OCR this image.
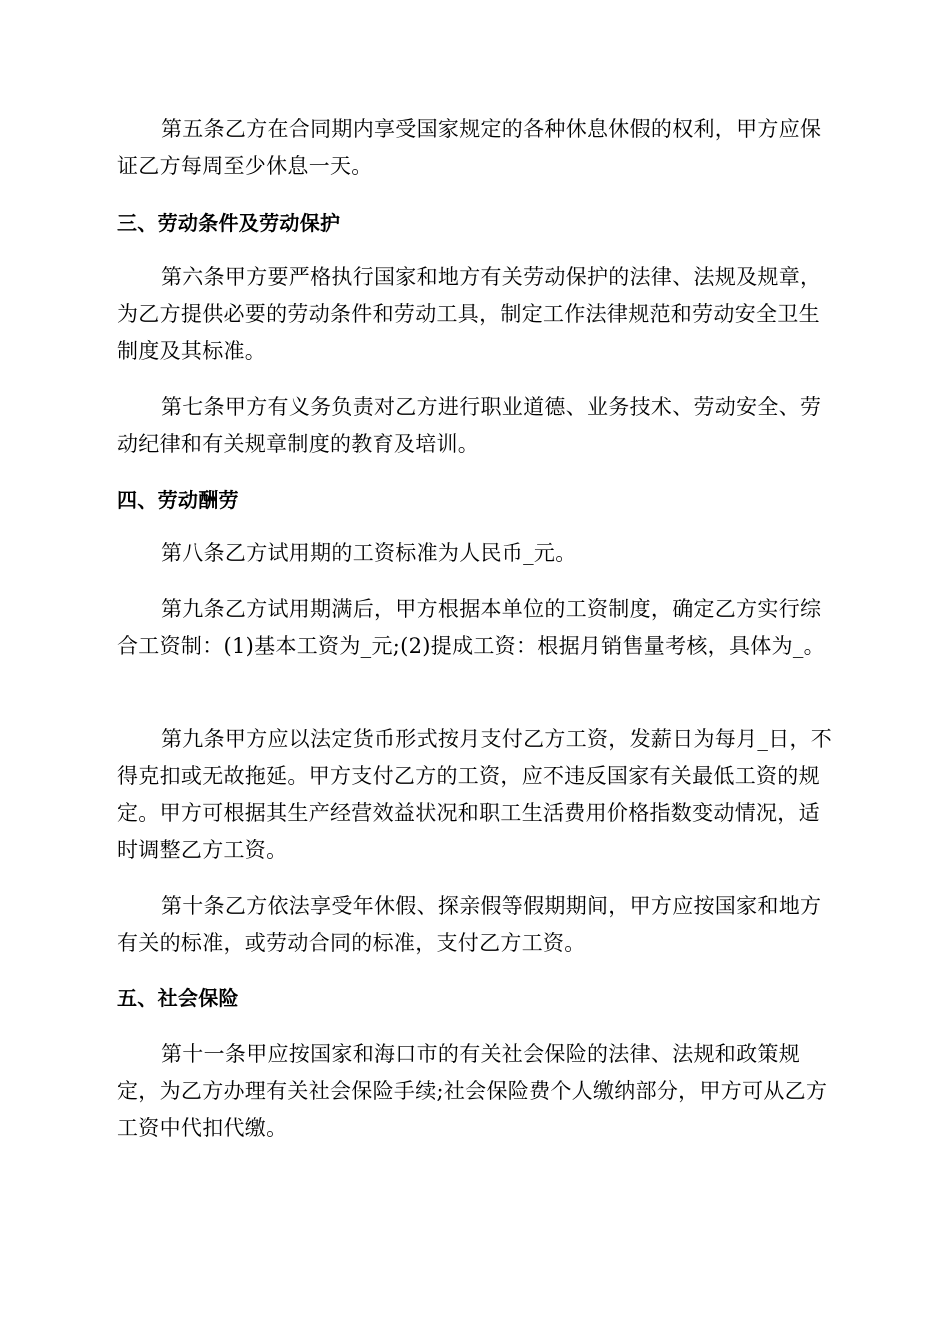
第五条乙方在合同期内享受国家规定的各种休息休假的权利，甲方应保证乙方每周至少休息一天。

三、劳动条件及劳动保护

第六条甲方要严格执行国家和地方有关劳动保护的法律、法规及规章，为乙方提供必要的劳动条件和劳动工具，制定工作法律规范和劳动安全卫生制度及其标准。

第七条甲方有义务负责对乙方进行职业道德、业务技术、劳动安全、劳动纪律和有关规章制度的教育及培训。

四、劳动酬劳

第八条乙方试用期的工资标准为人民币_元。

第九条乙方试用期满后，甲方根据本单位的工资制度，确定乙方实行综合工资制：(1)基本工资为_元;(2)提成工资：根据月销售量考核，具体为_。

第九条甲方应以法定货币形式按月支付乙方工资，发薪日为每月_日，不得克扣或无故拖延。甲方支付乙方的工资，应不违反国家有关最低工资的规定。甲方可根据其生产经营效益状况和职工生活费用价格指数变动情况，适时调整乙方工资。

第十条乙方依法享受年休假、探亲假等假期期间，甲方应按国家和地方有关的标准，或劳动合同的标准，支付乙方工资。

五、社会保险

第十一条甲应按国家和海口市的有关社会保险的法律、法规和政策规定，为乙方办理有关社会保险手续;社会保险费个人缴纳部分，甲方可从乙方工资中代扣代缴。
